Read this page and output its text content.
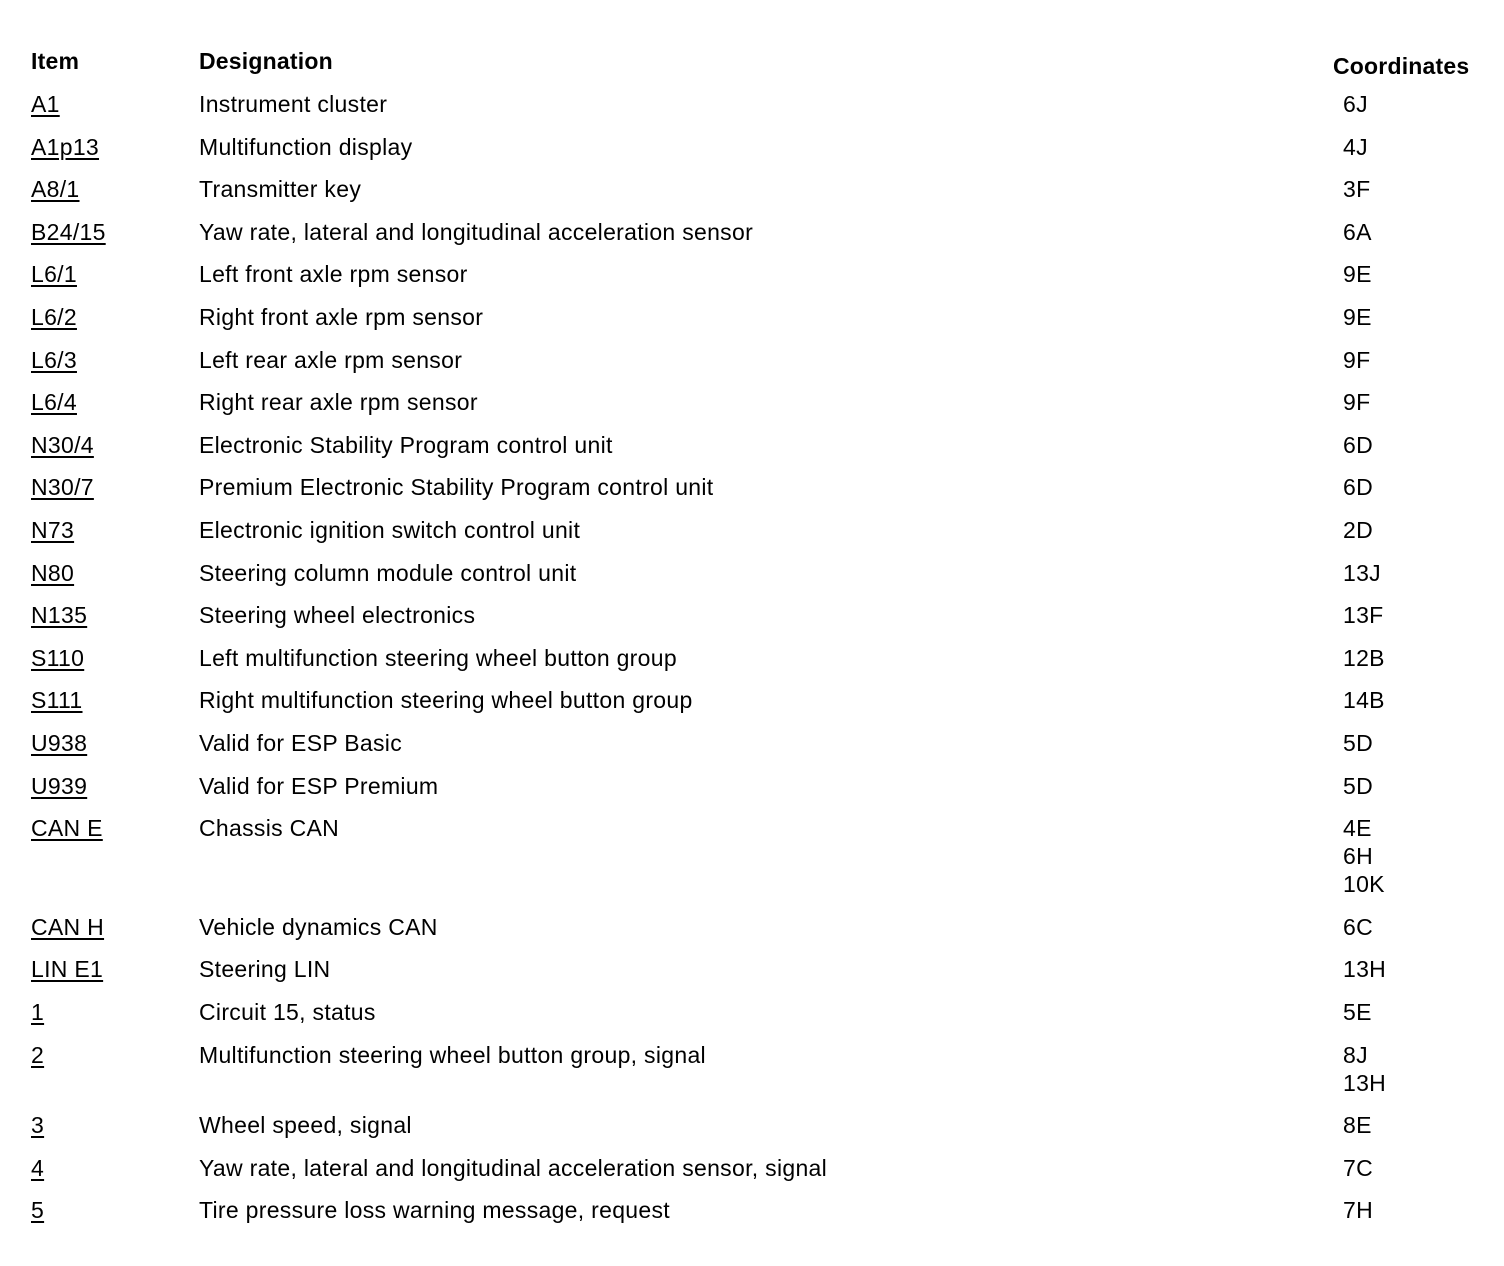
Item	Designation	Coordinates
A1	Instrument cluster	6J
A1p13	Multifunction display	4J
A8/1	Transmitter key	3F
B24/15	Yaw rate, lateral and longitudinal acceleration sensor	6A
L6/1	Left front axle rpm sensor	9E
L6/2	Right front axle rpm sensor	9E
L6/3	Left rear axle rpm sensor	9F
L6/4	Right rear axle rpm sensor	9F
N30/4	Electronic Stability Program control unit	6D
N30/7	Premium Electronic Stability Program control unit	6D
N73	Electronic ignition switch control unit	2D
N80	Steering column module control unit	13J
N135	Steering wheel electronics	13F
S110	Left multifunction steering wheel button group	12B
S111	Right multifunction steering wheel button group	14B
U938	Valid for ESP Basic	5D
U939	Valid for ESP Premium	5D
CAN E	Chassis CAN	4E
6H
10K
CAN H	Vehicle dynamics CAN	6C
LIN E1	Steering LIN	13H
1	Circuit 15, status	5E
2	Multifunction steering wheel button group, signal	8J
13H
3	Wheel speed, signal	8E
4	Yaw rate, lateral and longitudinal acceleration sensor, signal	7C
5	Tire pressure loss warning message, request	7H
